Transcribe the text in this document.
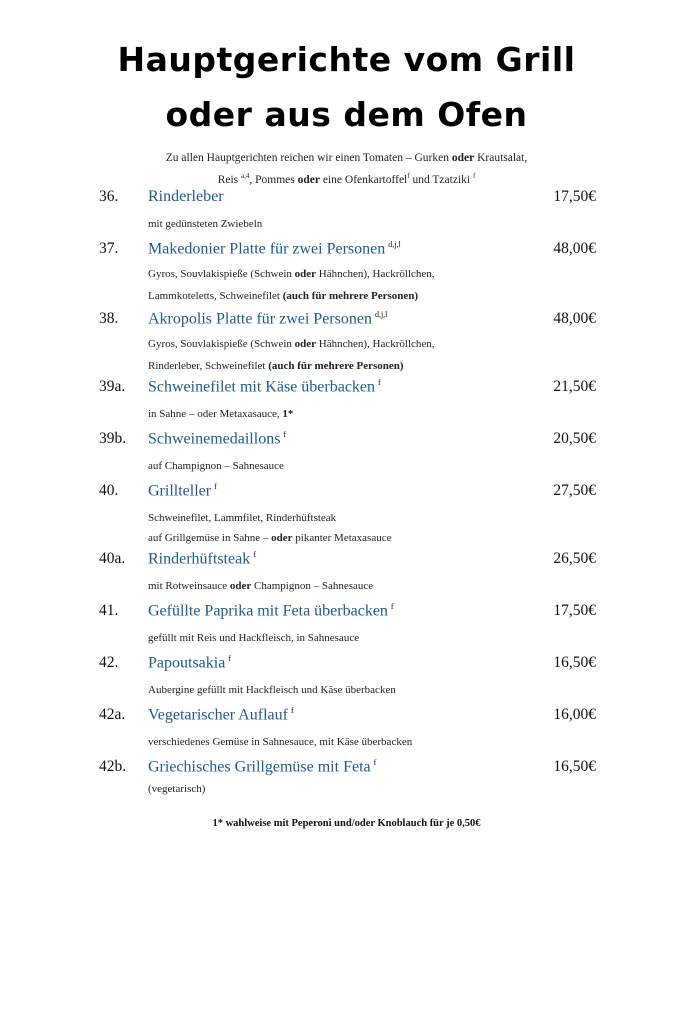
Hauptgerichte vom Grill
oder aus dem Ofen
Zu allen Hauptgerichten reichen wir einen Tomaten – Gurken oder Krautsalat,
Reis $^{a,4}$, Pommes oder eine Ofenkartoffel$^f$ und Tzatziki $^f$
36. Rinderleber	17,50€
mit gedünsteten Zwiebeln
37. Makedonier Platte für zwei Personen $^{d,j,l}$	48,00€
Gyros, Souvlakispieße (Schwein oder Hähnchen), Hackröllchen,
Lammkoteletts, Schweinefilet (auch für mehrere Personen)
38. Akropolis Platte für zwei Personen $^{d,j,l}$	48,00€
Gyros, Souvlakispieße (Schwein oder Hähnchen), Hackröllchen,
Rinderleber, Schweinefilet (auch für mehrere Personen)
39a. Schweinefilet mit Käse überbacken $^f$	21,50€
in Sahne – oder Metaxasauce, 1*
39b. Schweinemedaillons $^f$	20,50€
auf Champignon – Sahnesauce
40. Grillteller $^f$	27,50€
Schweinefilet, Lammfilet, Rinderhüftsteak
auf Grillgemüse in Sahne – oder pikanter Metaxasauce
40a. Rinderhüftsteak $^f$	26,50€
mit Rotweinsauce oder Champignon – Sahnesauce
41. Gefüllte Paprika mit Feta überbacken $^f$	17,50€
gefüllt mit Reis und Hackfleisch, in Sahnesauce
42. Papoutsakia $^f$	16,50€
Aubergine gefüllt mit Hackfleisch und Käse überbacken
42a. Vegetarischer Auflauf $^f$	16,00€
verschiedenes Gemüse in Sahnesauce, mit Käse überbacken
42b. Griechisches Grillgemüse mit Feta $^f$	16,50€
(vegetarisch)
1* wahlweise mit Peperoni und/oder Knoblauch für je 0,50€
